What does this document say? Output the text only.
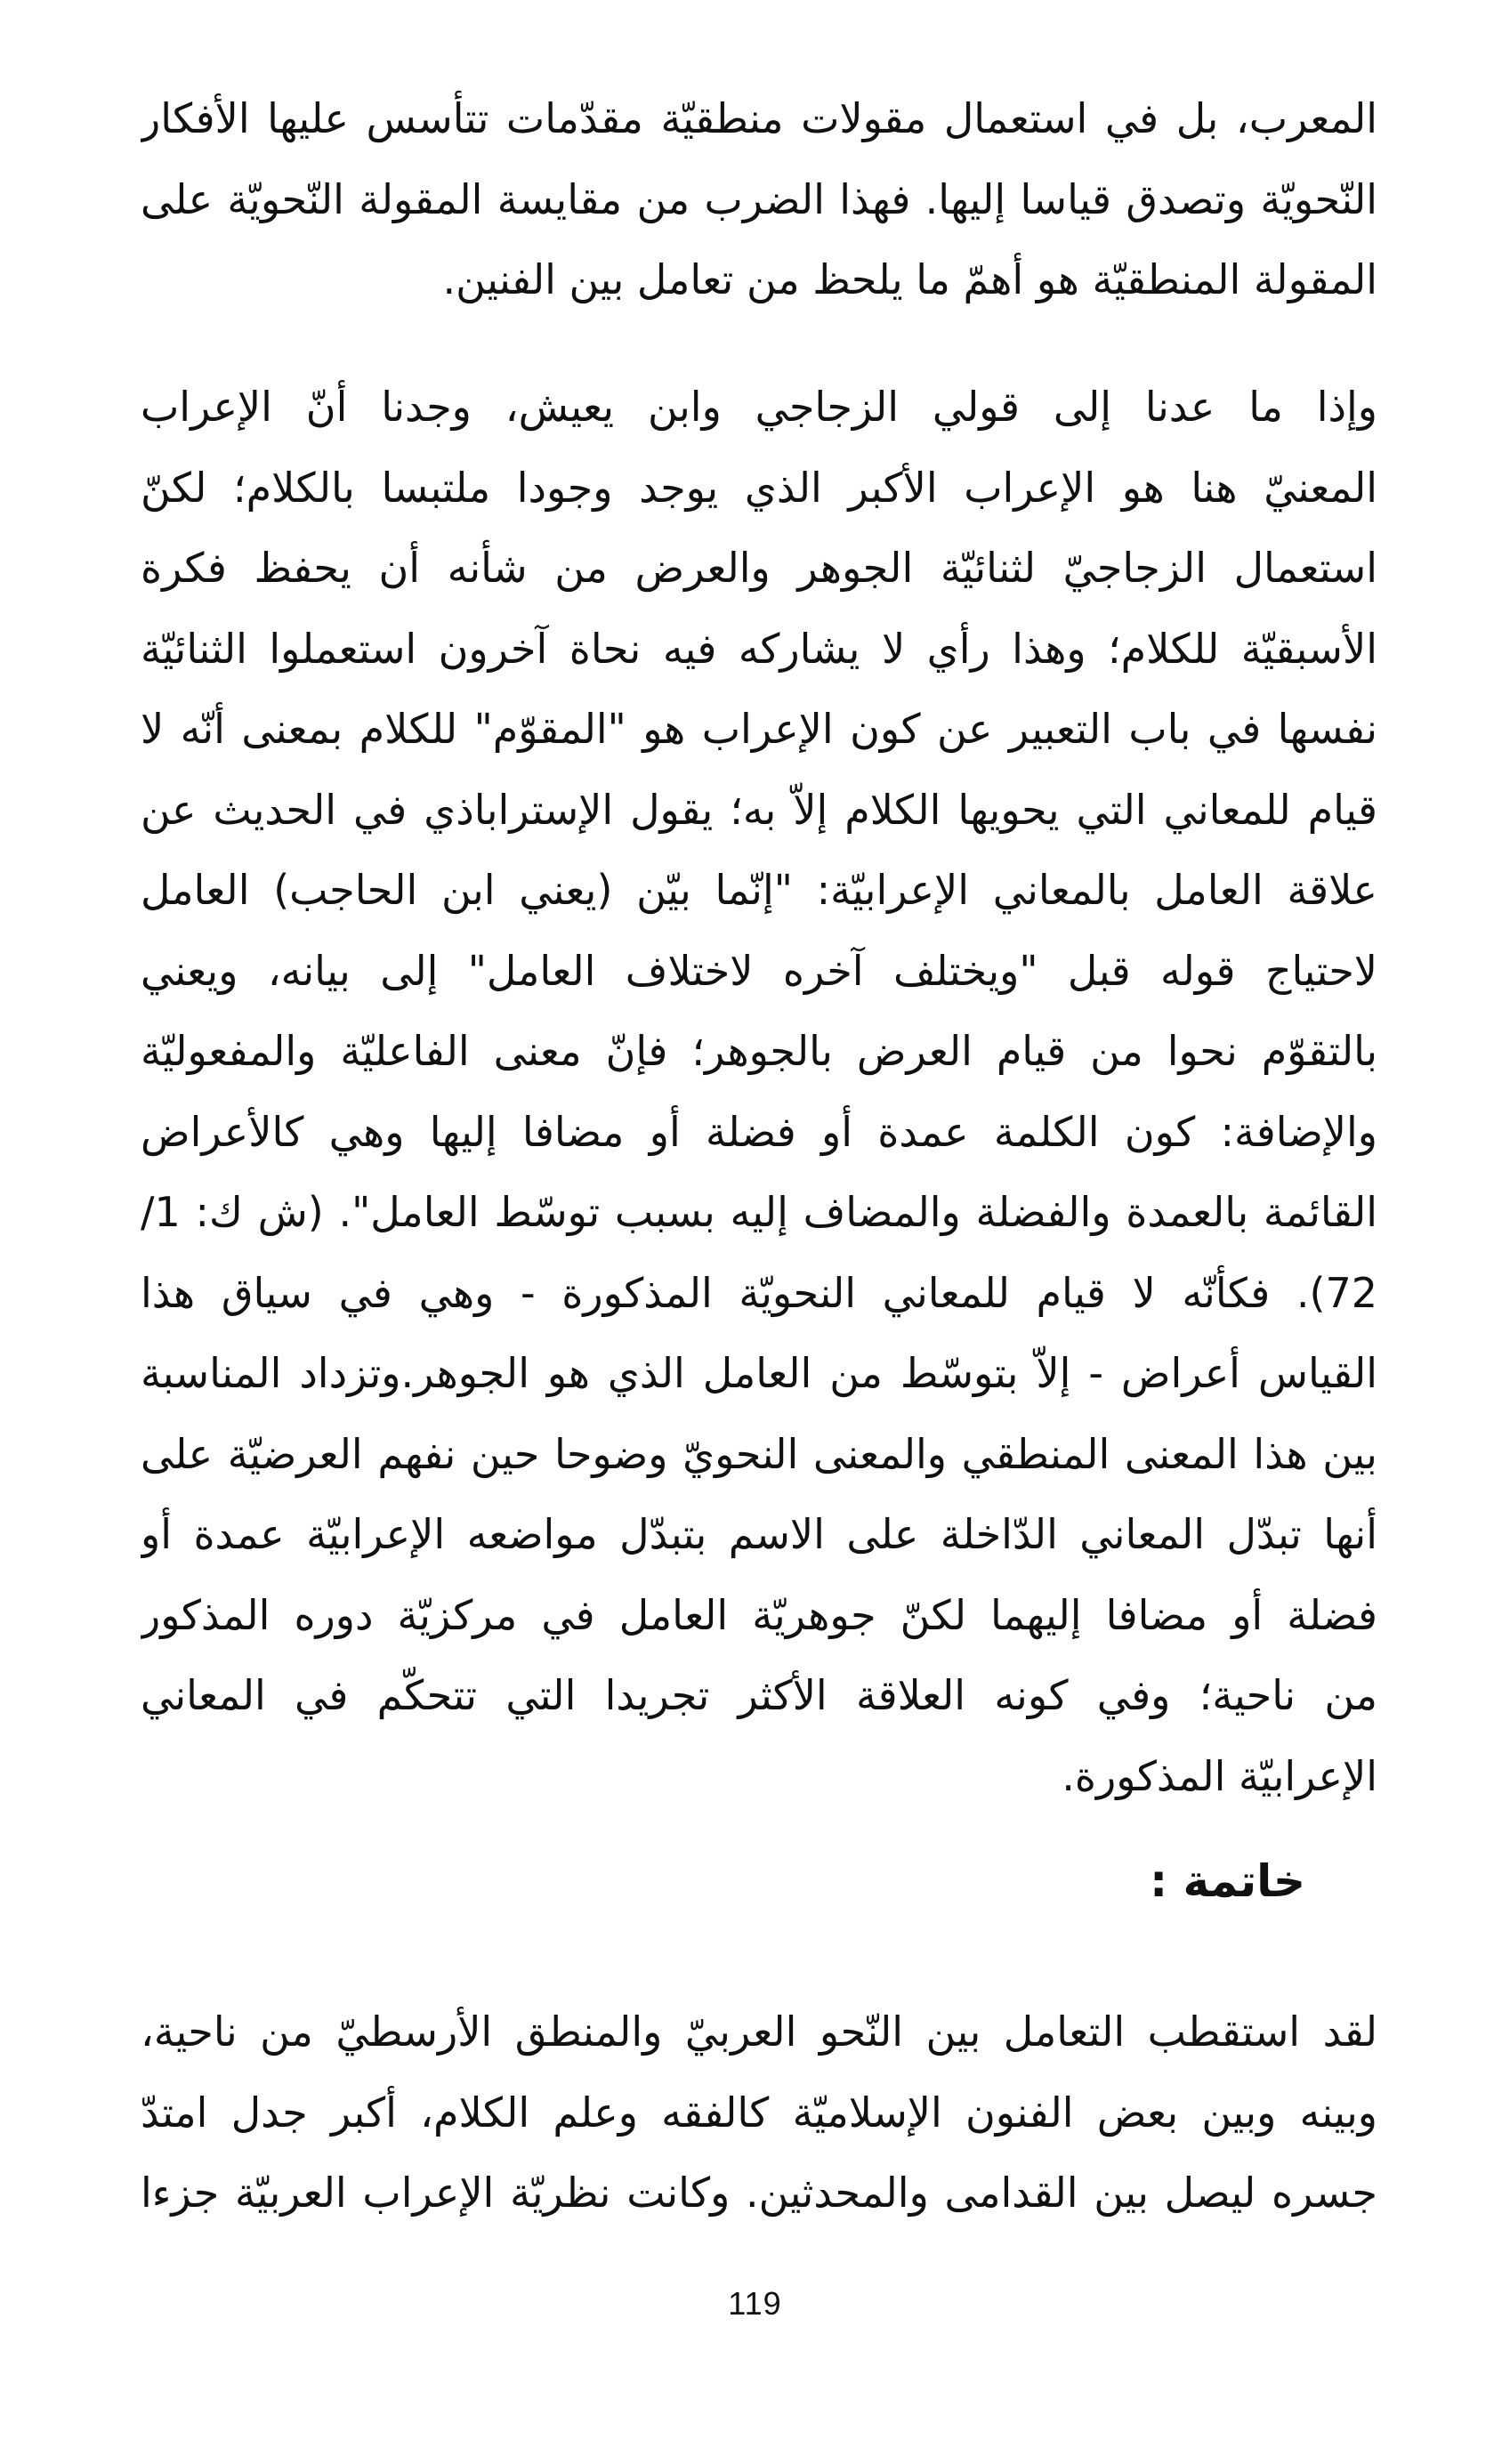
المعرب، بل في استعمال مقولات منطقيّة مقدّمات تتأسس عليها الأفكار
النّحويّة وتصدق قياسا إليها. فهذا الضرب من مقايسة المقولة النّحويّة على
المقولة المنطقيّة هو أهمّ ما يلحظ من تعامل بين الفنين.
وإذا ما عدنا إلى قولي الزجاجي وابن يعيش، وجدنا أنّ الإعراب
المعنيّ هنا هو الإعراب الأكبر الذي يوجد وجودا ملتبسا بالكلام؛ لكنّ
استعمال الزجاجيّ لثنائيّة الجوهر والعرض من شأنه أن يحفظ فكرة
الأسبقيّة للكلام؛ وهذا رأي لا يشاركه فيه نحاة آخرون استعملوا الثنائيّة
نفسها في باب التعبير عن كون الإعراب هو "المقوّم" للكلام بمعنى أنّه لا
قيام للمعاني التي يحويها الكلام إلاّ به؛ يقول الإستراباذي في الحديث عن
علاقة العامل بالمعاني الإعرابيّة: "إنّما بيّن (يعني ابن الحاجب) العامل
لاحتياج قوله قبل "ويختلف آخره لاختلاف العامل" إلى بيانه، ويعني
بالتقوّم نحوا من قيام العرض بالجوهر؛ فإنّ معنى الفاعليّة والمفعوليّة
والإضافة: كون الكلمة عمدة أو فضلة أو مضافا إليها وهي كالأعراض
القائمة بالعمدة والفضلة والمضاف إليه بسبب توسّط العامل". (ش ك: 1/
72). فكأنّه لا قيام للمعاني النحويّة المذكورة - وهي في سياق هذا
القياس أعراض - إلاّ بتوسّط من العامل الذي هو الجوهر.وتزداد المناسبة
بين هذا المعنى المنطقي والمعنى النحويّ وضوحا حين نفهم العرضيّة على
أنها تبدّل المعاني الدّاخلة على الاسم بتبدّل مواضعه الإعرابيّة عمدة أو
فضلة أو مضافا إليهما لكنّ جوهريّة العامل في مركزيّة دوره المذكور
من ناحية؛ وفي كونه العلاقة الأكثر تجريدا التي تتحكّم في المعاني
الإعرابيّة المذكورة.
خاتمة :
لقد استقطب التعامل بين النّحو العربيّ والمنطق الأرسطيّ من ناحية،
وبينه وبين بعض الفنون الإسلاميّة كالفقه وعلم الكلام، أكبر جدل امتدّ
جسره ليصل بين القدامى والمحدثين. وكانت نظريّة الإعراب العربيّة جزءا
119
